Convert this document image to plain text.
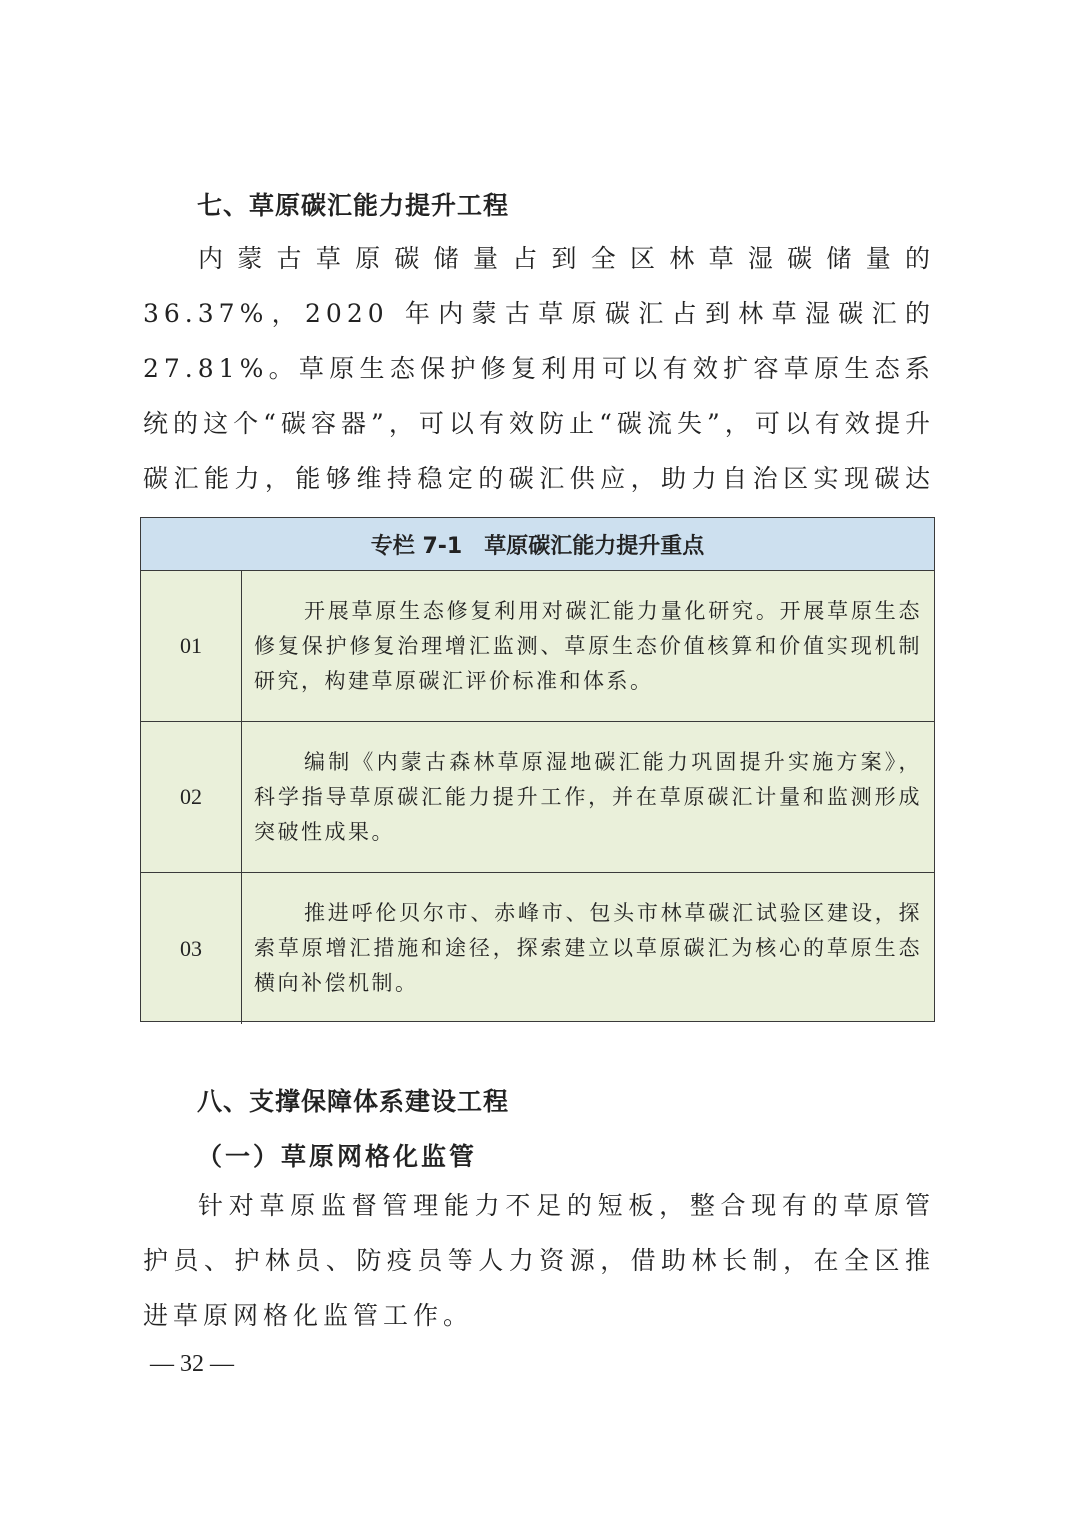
七、草原碳汇能力提升工程

内蒙古草原碳储量占到全区林草湿碳储量的 36.37%，2020 年内蒙古草原碳汇占到林草湿碳汇的 27.81%。草原生态保护修复利用可以有效扩容草原生态系统的这个“碳容器”，可以有效防止“碳流失”，可以有效提升碳汇能力，能够维持稳定的碳汇供应，助力自治区实现碳达

专栏 7-1　草原碳汇能力提升重点
01

开展草原生态修复利用对碳汇能力量化研究。开展草原生态修复保护修复治理增汇监测、草原生态价值核算和价值实现机制研究，构建草原碳汇评价标准和体系。

02

编制《内蒙古森林草原湿地碳汇能力巩固提升实施方案》，科学指导草原碳汇能力提升工作，并在草原碳汇计量和监测形成突破性成果。

03

推进呼伦贝尔市、赤峰市、包头市林草碳汇试验区建设，探索草原增汇措施和途径，探索建立以草原碳汇为核心的草原生态横向补偿机制。

八、支撑保障体系建设工程
（一）草原网格化监管

针对草原监督管理能力不足的短板，整合现有的草原管护员、护林员、防疫员等人力资源，借助林长制，在全区推进草原网格化监管工作。

— 32 —
